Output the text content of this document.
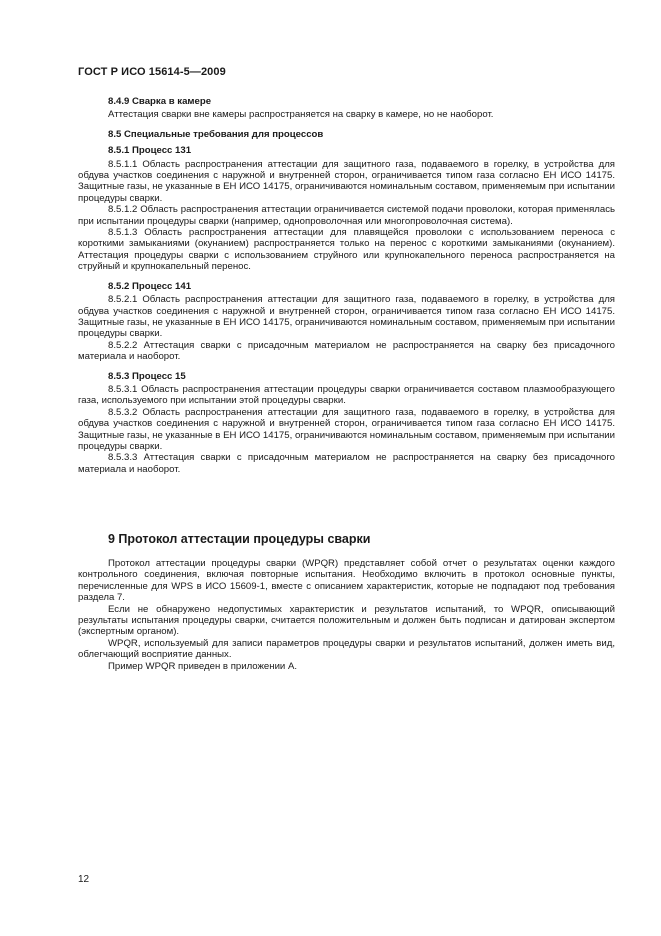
ГОСТ Р ИСО 15614-5—2009
8.4.9 Сварка в камере

Аттестация сварки вне камеры распространяется на сварку в камере, но не наоборот.

8.5 Специальные требования для процессов
8.5.1 Процесс 131

8.5.1.1 Область распространения аттестации для защитного газа, подаваемого в горелку, в устройства для обдува участков соединения с наружной и внутренней сторон, ограничивается типом газа согласно ЕН ИСО 14175. Защитные газы, не указанные в ЕН ИСО 14175, ограничиваются номинальным составом, применяемым при испытании процедуры сварки.

8.5.1.2 Область распространения аттестации ограничивается системой подачи проволоки, которая применялась при испытании процедуры сварки (например, однопроволочная или многопроволочная система).

8.5.1.3 Область распространения аттестации для плавящейся проволоки с использованием переноса с короткими замыканиями (окунанием) распространяется только на перенос с короткими замыканиями (окунанием). Аттестация процедуры сварки с использованием струйного или крупнокапельного переноса распространяется на струйный и крупнокапельный перенос.

8.5.2 Процесс 141

8.5.2.1 Область распространения аттестации для защитного газа, подаваемого в горелку, в устройства для обдува участков соединения с наружной и внутренней сторон, ограничивается типом газа согласно ЕН ИСО 14175. Защитные газы, не указанные в ЕН ИСО 14175, ограничиваются номинальным составом, применяемым при испытании процедуры сварки.

8.5.2.2 Аттестация сварки с присадочным материалом не распространяется на сварку без присадочного материала и наоборот.

8.5.3 Процесс 15

8.5.3.1 Область распространения аттестации процедуры сварки ограничивается составом плазмообразующего газа, используемого при испытании этой процедуры сварки.

8.5.3.2 Область распространения аттестации для защитного газа, подаваемого в горелку, в устройства для обдува участков соединения с наружной и внутренней сторон, ограничивается типом газа согласно ЕН ИСО 14175. Защитные газы, не указанные в ЕН ИСО 14175, ограничиваются номинальным составом, применяемым при испытании процедуры сварки.

8.5.3.3 Аттестация сварки с присадочным материалом не распространяется на сварку без присадочного материала и наоборот.

9 Протокол аттестации процедуры сварки

Протокол аттестации процедуры сварки (WPQR) представляет собой отчет о результатах оценки каждого контрольного соединения, включая повторные испытания. Необходимо включить в протокол основные пункты, перечисленные для WPS в ИСО 15609-1, вместе с описанием характеристик, которые не подпадают под требования раздела 7.

Если не обнаружено недопустимых характеристик и результатов испытаний, то WPQR, описывающий результаты испытания процедуры сварки, считается положительным и должен быть подписан и датирован экспертом (экспертным органом).

WPQR, используемый для записи параметров процедуры сварки и результатов испытаний, должен иметь вид, облегчающий восприятие данных.

Пример WPQR приведен в приложении А.

12
